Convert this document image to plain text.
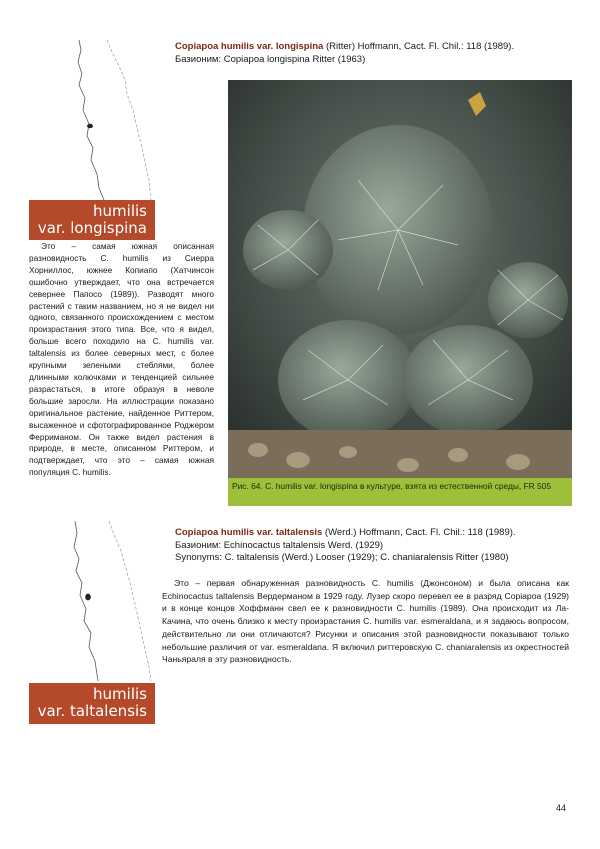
humilis
var. longispina
Copiapoa humilis var. longispina (Ritter) Hoffmann, Cact. Fl. Chil.: 118 (1989).
Базионим: Copiapoa longispina Ritter (1963)
Рис. 64. C. humilis var. longispina в культуре, взята из естественной среды, FR 505

Это – самая южная описанная разновидность C. humilis из Сиерра Хорниллос, южнее Копиапо (Хатчинсон ошибочно утверждает, что она встречается севернее Папосо (1989)). Разводят много растений с таким названием, но я не видел ни одного, связанного происхождением с местом произрастания этого типа. Все, что я видел, больше всего походило на C. humilis var. taltalensis из более северных мест, с более крупными зелеными стеблями, более длинными колючками и тенденцией сильнее разрастаться, в итоге образуя в неволе большие заросли. На иллюстрации показано оригинальное растение, найденное Риттером, высаженное и сфотографированное Роджером Ферриманом. Он также видел растения в природе, в месте, описанном Риттером, и подтверждает, что это – самая южная популяция C. humilis.

humilis
var. taltalensis
Copiapoa humilis var. taltalensis (Werd.) Hoffmann, Cact. Fl. Chil.: 118 (1989).
Базионим: Echinocactus taltalensis Werd. (1929)
Synonyms: C. taltalensis (Werd.) Looser (1929); C. chaniaralensis Ritter (1980)

Это – первая обнаруженная разновидность C. humilis (Джонсоном) и была описана как Echinocactus taltalensis Вердерманом в 1929 году. Лузер скоро перевел ее в разряд Copiapoa (1929) и в конце концов Хоффманн свел ее к разновидности C. humilis (1989). Она происходит из Ла-Качина, что очень близко к месту произрастания C. humilis var. esmeraldana, и я задаюсь вопросом, действительно ли они отличаются? Рисунки и описания этой разновидности показывают только небольшие различия от var. esmeraldana. Я включил риттеровскую C. chaniaralensis из окрестностей Чаньяраля в эту разновидность.

44
